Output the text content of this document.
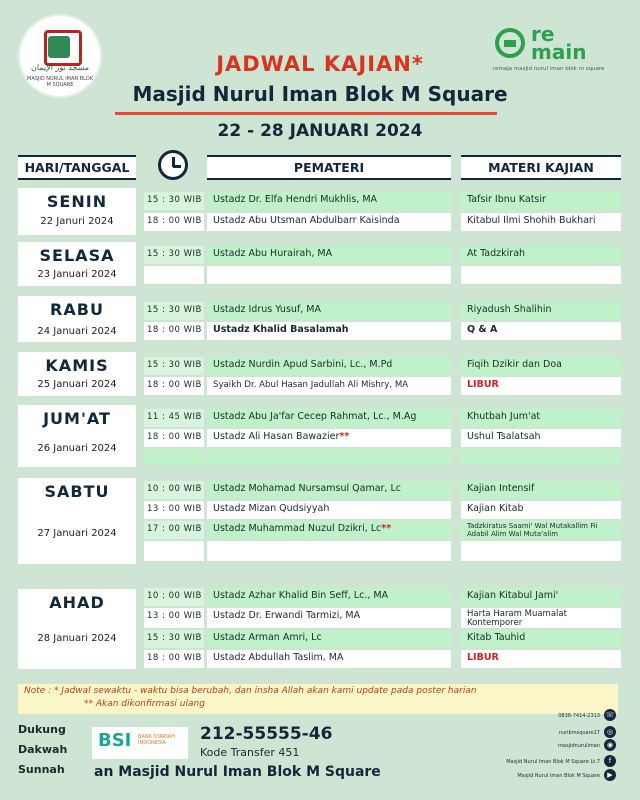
مسجد نور الإيمان
MASJID NURUL IMAN BLOK M SQUARE
JADWAL KAJIAN*
Masjid Nurul Iman Blok M Square
22 - 28 JANUARI 2024
re
main
remaja masjid nurul iman blok m square
HARI/TANGGAL	PEMATERI	MATERI KAJIAN
SENIN
22 Januri 2024
15 : 30 WIB	Ustadz Dr. Elfa Hendri Mukhlis, MA	Tafsir Ibnu Katsir
18 : 00 WIB	Ustadz Abu Utsman Abdulbarr Kaisinda	Kitabul Ilmi Shohih Bukhari
SELASA
23 Januari 2024
15 : 30 WIB	Ustadz Abu Hurairah, MA	At Tadzkirah
RABU
24 Januari 2024
15 : 30 WIB	Ustadz Idrus Yusuf, MA	Riyadush Shalihin
18 : 00 WIB	Ustadz Khalid Basalamah	Q & A
KAMIS
25 Januari 2024
15 : 30 WIB	Ustadz Nurdin Apud Sarbini, Lc., M.Pd	Fiqih Dzikir dan Doa
18 : 00 WIB	Syaikh Dr. Abul Hasan Jadullah Ali Mishry, MA	LIBUR
JUM'AT
26 Januari 2024
11 : 45 WIB	Ustadz Abu Ja'far Cecep Rahmat, Lc., M.Ag	Khutbah Jum'at
18 : 00 WIB	Ustadz Ali Hasan Bawazier**	Ushul Tsalatsah
SABTU
27 Januari 2024
10 : 00 WIB	Ustadz Mohamad Nursamsul Qamar, Lc	Kajian Intensif
13 : 00 WIB	Ustadz Mizan Qudsiyyah	Kajian Kitab
17 : 00 WIB	Ustadz Muhammad Nuzul Dzikri, Lc**	Tadzkiratus Saami' Wal Mutakallim Fii Adabil Alim Wal Muta'alim
AHAD
28 Januari 2024
10 : 00 WIB	Ustadz Azhar Khalid Bin Seff, Lc., MA	Kajian Kitabul Jami'
13 : 00 WIB	Ustadz Dr. Erwandi Tarmizi, MA	Harta Haram Muamalat Kontemporer
15 : 30 WIB	Ustadz Arman Amri, Lc	Kitab Tauhid
18 : 00 WIB	Ustadz Abdullah Taslim, MA	LIBUR
Note : * Jadwal sewaktu - waktu bisa berubah, dan insha Allah akan kami update pada poster harian
** Akan dikonfirmasi ulang
Dukung
Dakwah
Sunnah
BSI BANK SYARIAH INDONESIA	212-55555-46
Kode Transfer 451
an Masjid Nurul Iman Blok M Square
0838-7414-2313 ☏
nuribmsquare17 ◎
masjidnuruliman ◉
Masjid Nurul Iman Blok M Square Lt.7	f
Masjid Nurul Iman Blok M Square	▶
